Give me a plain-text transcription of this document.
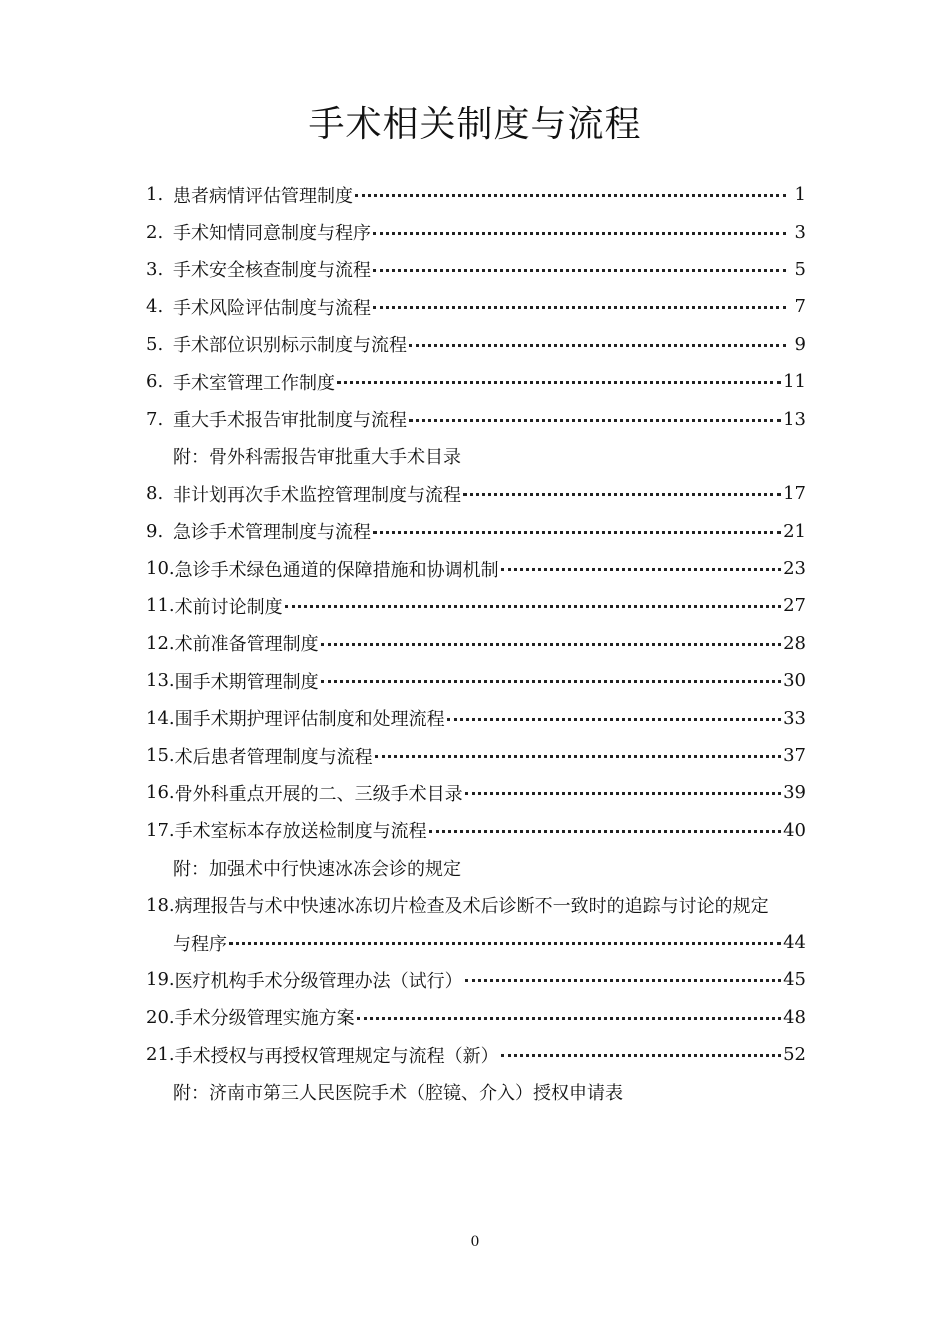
手术相关制度与流程
1. 患者病情评估管理制度	1
2. 手术知情同意制度与程序	3
3. 手术安全核查制度与流程	5
4. 手术风险评估制度与流程	7
5. 手术部位识别标示制度与流程	9
6. 手术室管理工作制度	11
7. 重大手术报告审批制度与流程	13
附：骨外科需报告审批重大手术目录
8. 非计划再次手术监控管理制度与流程	17
9. 急诊手术管理制度与流程	21
10. 急诊手术绿色通道的保障措施和协调机制	23
11. 术前讨论制度	27
12. 术前准备管理制度	28
13. 围手术期管理制度	30
14. 围手术期护理评估制度和处理流程	33
15. 术后患者管理制度与流程	37
16. 骨外科重点开展的二、三级手术目录	39
17. 手术室标本存放送检制度与流程	40
附：加强术中行快速冰冻会诊的规定
18. 病理报告与术中快速冰冻切片检查及术后诊断不一致时的追踪与讨论的规定
与程序	44
19. 医疗机构手术分级管理办法（试行）	45
20. 手术分级管理实施方案	48
21. 手术授权与再授权管理规定与流程（新）	52
附：济南市第三人民医院手术（腔镜、介入）授权申请表
0
